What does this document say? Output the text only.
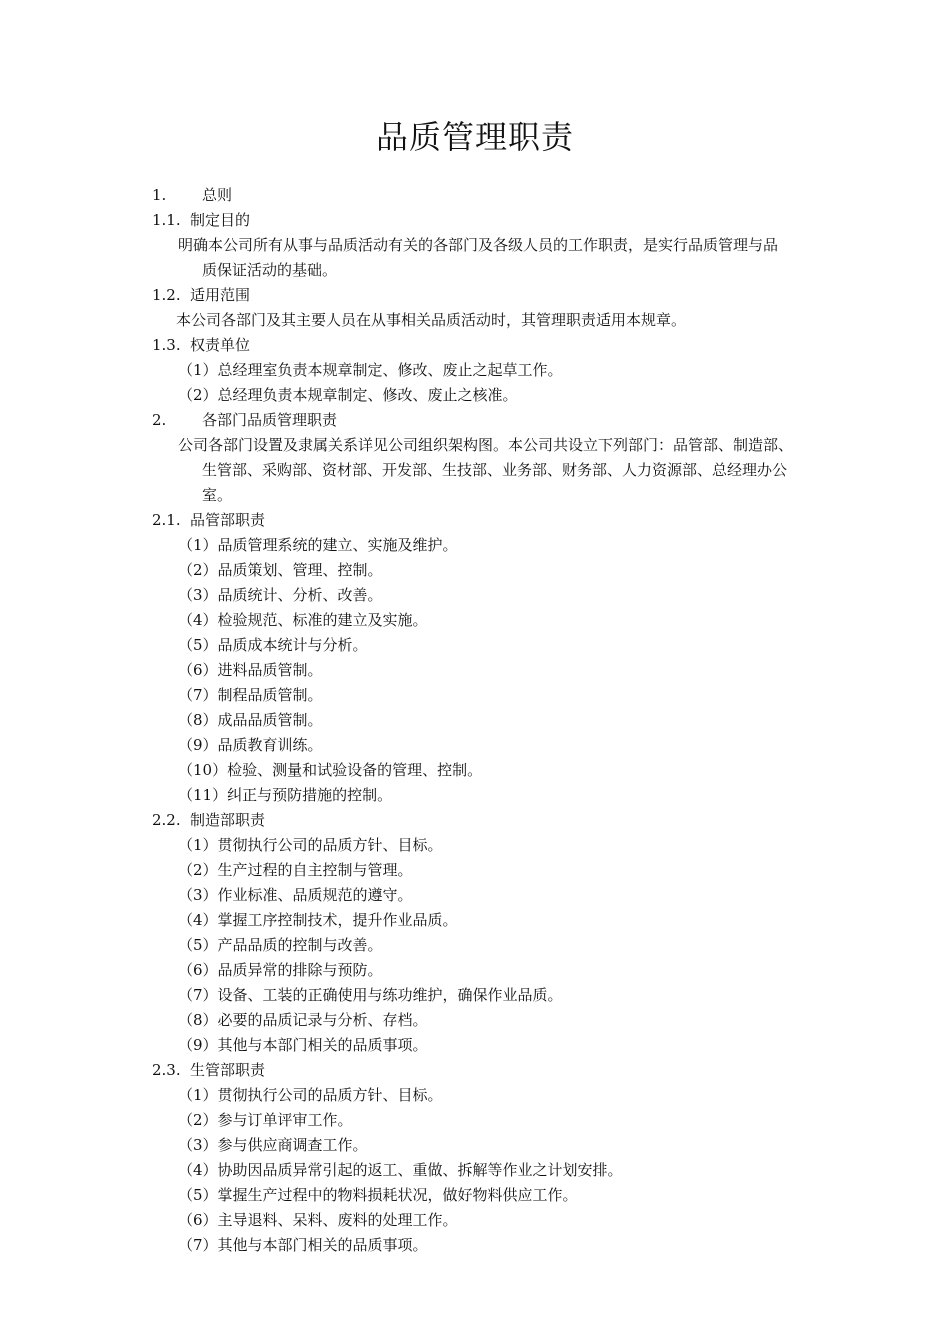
品质管理职责
1. 总则
1.1. 制定目的
明确本公司所有从事与品质活动有关的各部门及各级人员的工作职责，是实行品质管理与品
质保证活动的基础。
1.2. 适用范围
本公司各部门及其主要人员在从事相关品质活动时，其管理职责适用本规章。
1.3. 权责单位
（1）总经理室负责本规章制定、修改、废止之起草工作。
（2）总经理负责本规章制定、修改、废止之核准。
2. 各部门品质管理职责
公司各部门设置及隶属关系详见公司组织架构图。本公司共设立下列部门：品管部、制造部、
生管部、采购部、资材部、开发部、生技部、业务部、财务部、人力资源部、总经理办公
室。
2.1. 品管部职责
（1）品质管理系统的建立、实施及维护。
（2）品质策划、管理、控制。
（3）品质统计、分析、改善。
（4）检验规范、标准的建立及实施。
（5）品质成本统计与分析。
（6）进料品质管制。
（7）制程品质管制。
（8）成品品质管制。
（9）品质教育训练。
（10）检验、测量和试验设备的管理、控制。
（11）纠正与预防措施的控制。
2.2. 制造部职责
（1）贯彻执行公司的品质方针、目标。
（2）生产过程的自主控制与管理。
（3）作业标准、品质规范的遵守。
（4）掌握工序控制技术，提升作业品质。
（5）产品品质的控制与改善。
（6）品质异常的排除与预防。
（7）设备、工装的正确使用与练功维护，确保作业品质。
（8）必要的品质记录与分析、存档。
（9）其他与本部门相关的品质事项。
2.3. 生管部职责
（1）贯彻执行公司的品质方针、目标。
（2）参与订单评审工作。
（3）参与供应商调查工作。
（4）协助因品质异常引起的返工、重做、拆解等作业之计划安排。
（5）掌握生产过程中的物料损耗状况，做好物料供应工作。
（6）主导退料、呆料、废料的处理工作。
（7）其他与本部门相关的品质事项。
